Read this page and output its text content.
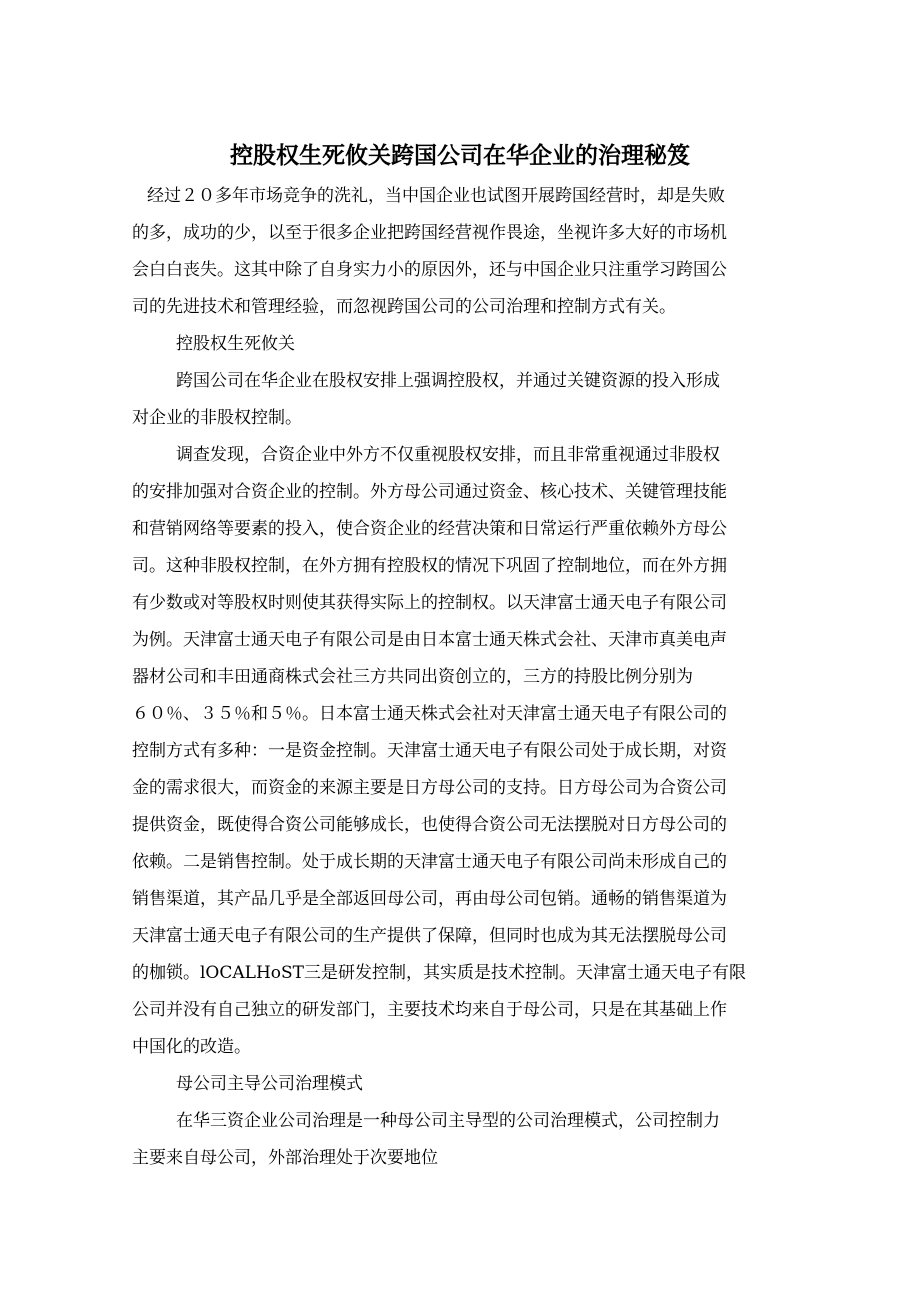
控股权生死攸关跨国公司在华企业的治理秘笈
经过２０多年市场竞争的洗礼，当中国企业也试图开展跨国经营时，却是失败
的多，成功的少，以至于很多企业把跨国经营视作畏途，坐视许多大好的市场机
会白白丧失。这其中除了自身实力小的原因外，还与中国企业只注重学习跨国公
司的先进技术和管理经验，而忽视跨国公司的公司治理和控制方式有关。
控股权生死攸关
跨国公司在华企业在股权安排上强调控股权，并通过关键资源的投入形成
对企业的非股权控制。
调查发现，合资企业中外方不仅重视股权安排，而且非常重视通过非股权
的安排加强对合资企业的控制。外方母公司通过资金、核心技术、关键管理技能
和营销网络等要素的投入，使合资企业的经营决策和日常运行严重依赖外方母公
司。这种非股权控制，在外方拥有控股权的情况下巩固了控制地位，而在外方拥
有少数或对等股权时则使其获得实际上的控制权。以天津富士通天电子有限公司
为例。天津富士通天电子有限公司是由日本富士通天株式会社、天津市真美电声
器材公司和丰田通商株式会社三方共同出资创立的，三方的持股比例分别为
６０％、３５％和５％。日本富士通天株式会社对天津富士通天电子有限公司的
控制方式有多种：一是资金控制。天津富士通天电子有限公司处于成长期，对资
金的需求很大，而资金的来源主要是日方母公司的支持。日方母公司为合资公司
提供资金，既使得合资公司能够成长，也使得合资公司无法摆脱对日方母公司的
依赖。二是销售控制。处于成长期的天津富士通天电子有限公司尚未形成自己的
销售渠道，其产品几乎是全部返回母公司，再由母公司包销。通畅的销售渠道为
天津富士通天电子有限公司的生产提供了保障，但同时也成为其无法摆脱母公司
的枷锁。lOCALHoST三是研发控制，其实质是技术控制。天津富士通天电子有限
公司并没有自己独立的研发部门，主要技术均来自于母公司，只是在其基础上作
中国化的改造。
母公司主导公司治理模式
在华三资企业公司治理是一种母公司主导型的公司治理模式，公司控制力
主要来自母公司，外部治理处于次要地位
